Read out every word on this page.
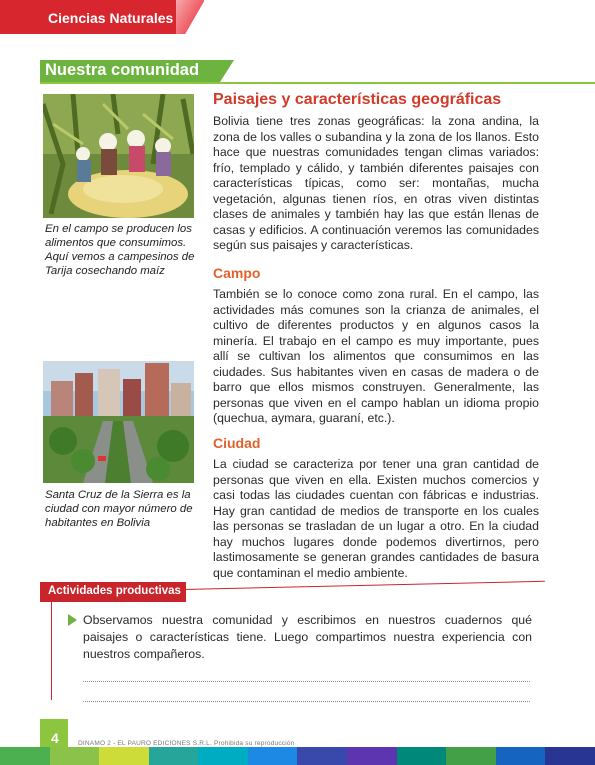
Ciencias Naturales
Nuestra comunidad
En el campo se producen los alimentos que consumimos. Aquí vemos a campesinos de Tarija cosechando maíz
Santa Cruz de la Sierra es la ciudad con mayor número de habitantes en Bolivia
Paisajes y características geográficas
Bolivia tiene tres zonas geográficas: la zona andina, la zona de los valles o subandina y la zona de los llanos. Esto hace que nuestras comunidades tengan climas variados: frío, templado y cálido, y también diferentes paisajes con características típicas, como ser: montañas, mucha vegetación, algunas tienen ríos, en otras viven distintas clases de animales y también hay las que están llenas de casas y edificios. A continuación veremos las comunidades según sus paisajes y características.
Campo
También se lo conoce como zona rural. En el campo, las actividades más comunes son la crianza de animales, el cultivo de diferentes productos y en algunos casos la minería. El trabajo en el campo es muy importante, pues allí se cultivan los alimentos que consumimos en las ciudades. Sus habitantes viven en casas de madera o de barro que ellos mismos construyen. Generalmente, las personas que viven en el campo hablan un idioma propio (quechua, aymara, guaraní, etc.).
Ciudad
La ciudad se caracteriza por tener una gran cantidad de personas que viven en ella. Existen muchos comercios y casi todas las ciudades cuentan con fábricas e industrias. Hay gran cantidad de medios de transporte en los cuales las personas se trasladan de un lugar a otro. En la ciudad hay muchos lugares donde podemos divertirnos, pero lastimosamente se generan grandes cantidades de basura que contaminan el medio ambiente.
Actividades productivas
Observamos nuestra comunidad y escribimos en nuestros cuadernos qué paisajes o características tiene. Luego compartimos nuestra experiencia con nuestros compañeros.
4	DINAMO 2 - EL PAURO EDICIONES S.R.L. Prohibida su reproducción
